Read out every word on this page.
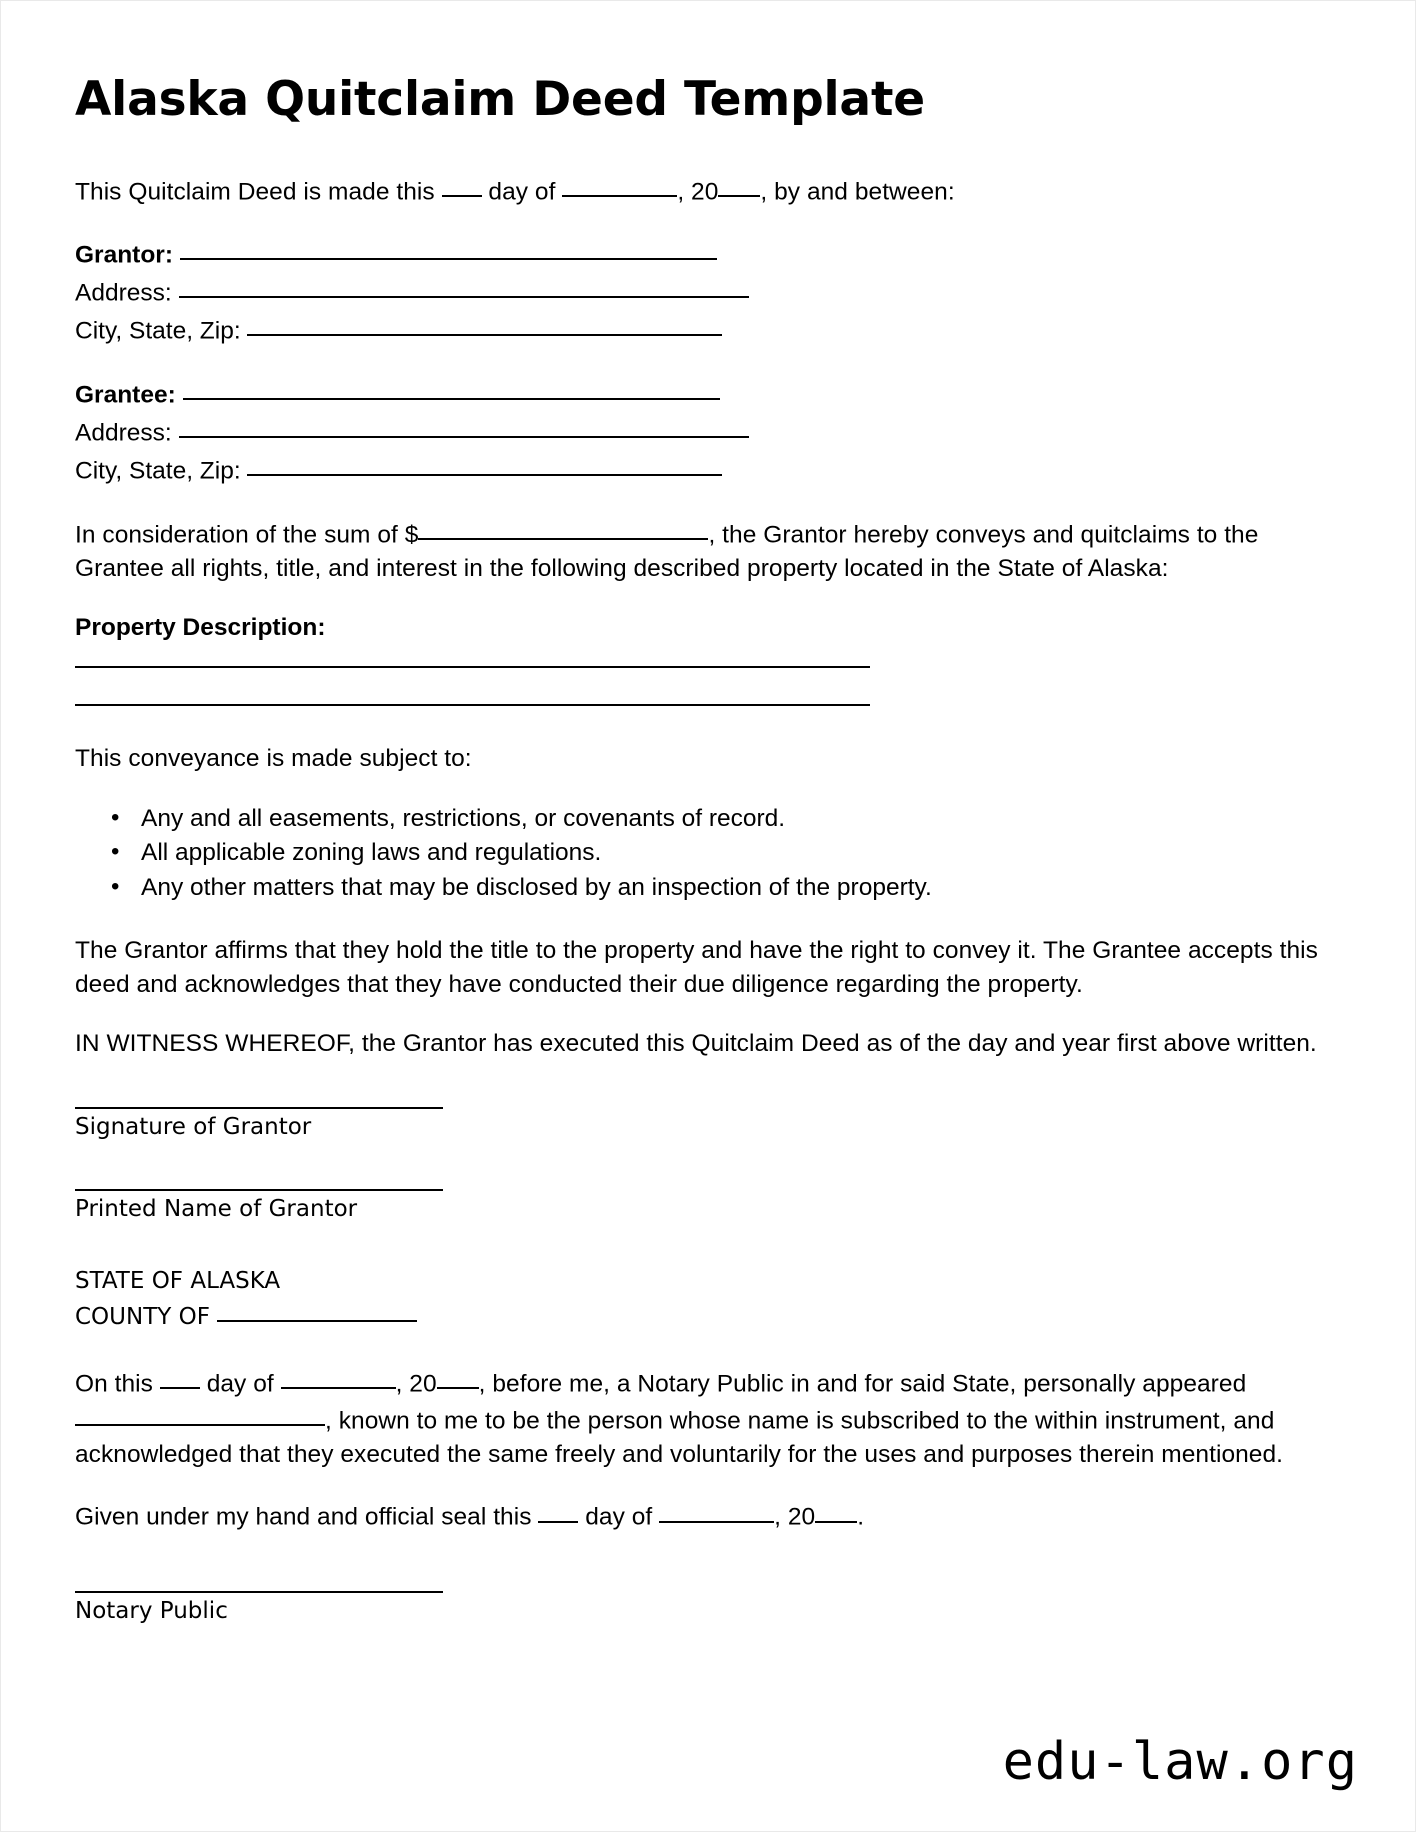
Alaska Quitclaim Deed Template

This Quitclaim Deed is made this day of	, 20 , by and between:

Grantor:
Address:
City, State, Zip:
Grantee:
Address:
City, State, Zip:

In consideration of the sum of $	, the Grantor hereby conveys and quitclaims to the Grantee all rights, title, and interest in the following described property located in the State of Alaska:

Property Description:

This conveyance is made subject to:

• Any and all easements, restrictions, or covenants of record.
• All applicable zoning laws and regulations.
• Any other matters that may be disclosed by an inspection of the property.

The Grantor affirms that they hold the title to the property and have the right to convey it. The Grantee accepts this deed and acknowledges that they have conducted their due diligence regarding the property.

IN WITNESS WHEREOF, the Grantor has executed this Quitclaim Deed as of the day and year first above written.

Signature of Grantor
Printed Name of Grantor
STATE OF ALASKA
COUNTY OF

On this day of	, 20 , before me, a Notary Public in and for said State, personally appeared , known to me to be the person whose name is subscribed to the within instrument, and acknowledged that they executed the same freely and voluntarily for the uses and purposes therein mentioned.

Given under my hand and official seal this day of	, 20 .

Notary Public
edu-law.org
